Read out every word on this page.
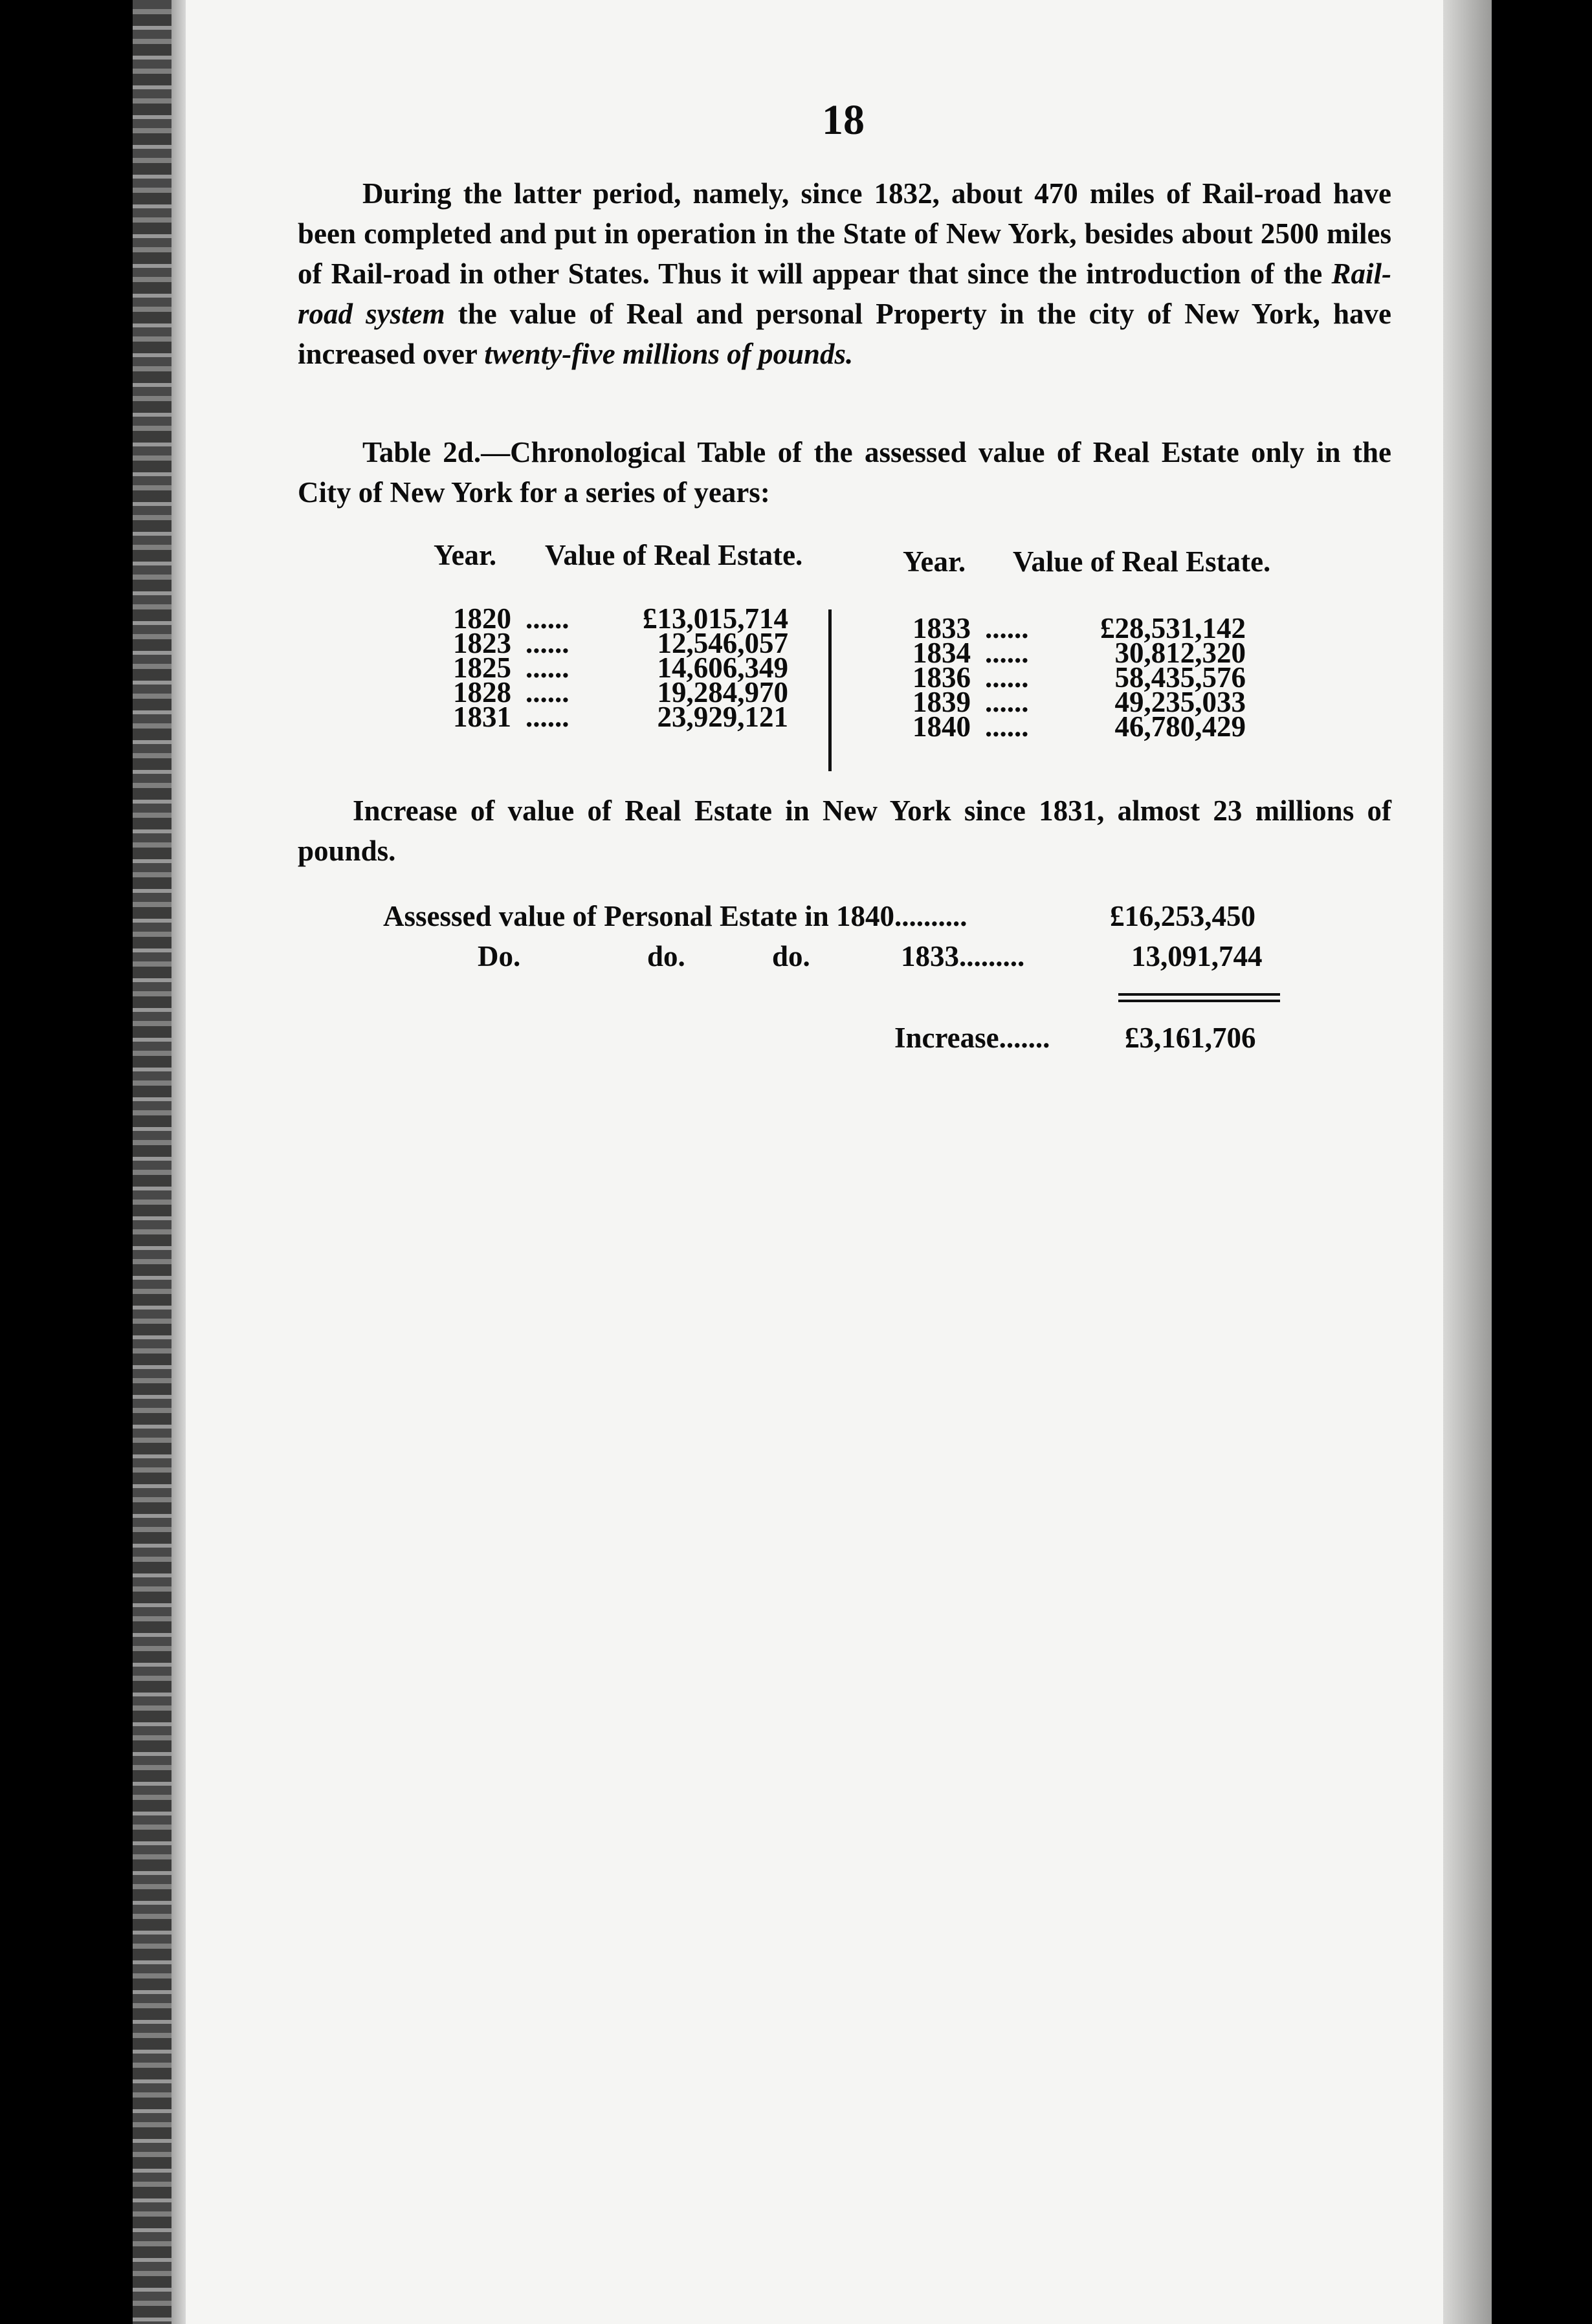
18

During the latter period, namely, since 1832, about 470 miles of Rail-road have been completed and put in operation in the State of New York, besides about 2500 miles of Rail-road in other States. Thus it will appear that since the introduction of the Rail-road system the value of Real and personal Property in the city of New York, have increased over twenty-five millions of pounds.

Table 2d.—Chronological Table of the assessed value of Real Estate only in the City of New York for a series of years:
Year. Value of Real Estate.	Year. Value of Real Estate.
1820 ......	£13,015,714
1823 ......	12,546,057
1825 ......	14,606,349
1828 ......	19,284,970
1831 ......	23,929,121
1833 ...... £28,531,142
1834 ......	30,812,320
1836 ......	58,435,576
1839 ......	49,235,033
1840 ......	46,780,429
Increase of value of Real Estate in New York since 1831, almost 23 millions of pounds.
Assessed value of Personal Estate in 1840..........	£16,253,450
Do.	do.	do.	1833.........	13,091,744
Increase.......	£3,161,706
